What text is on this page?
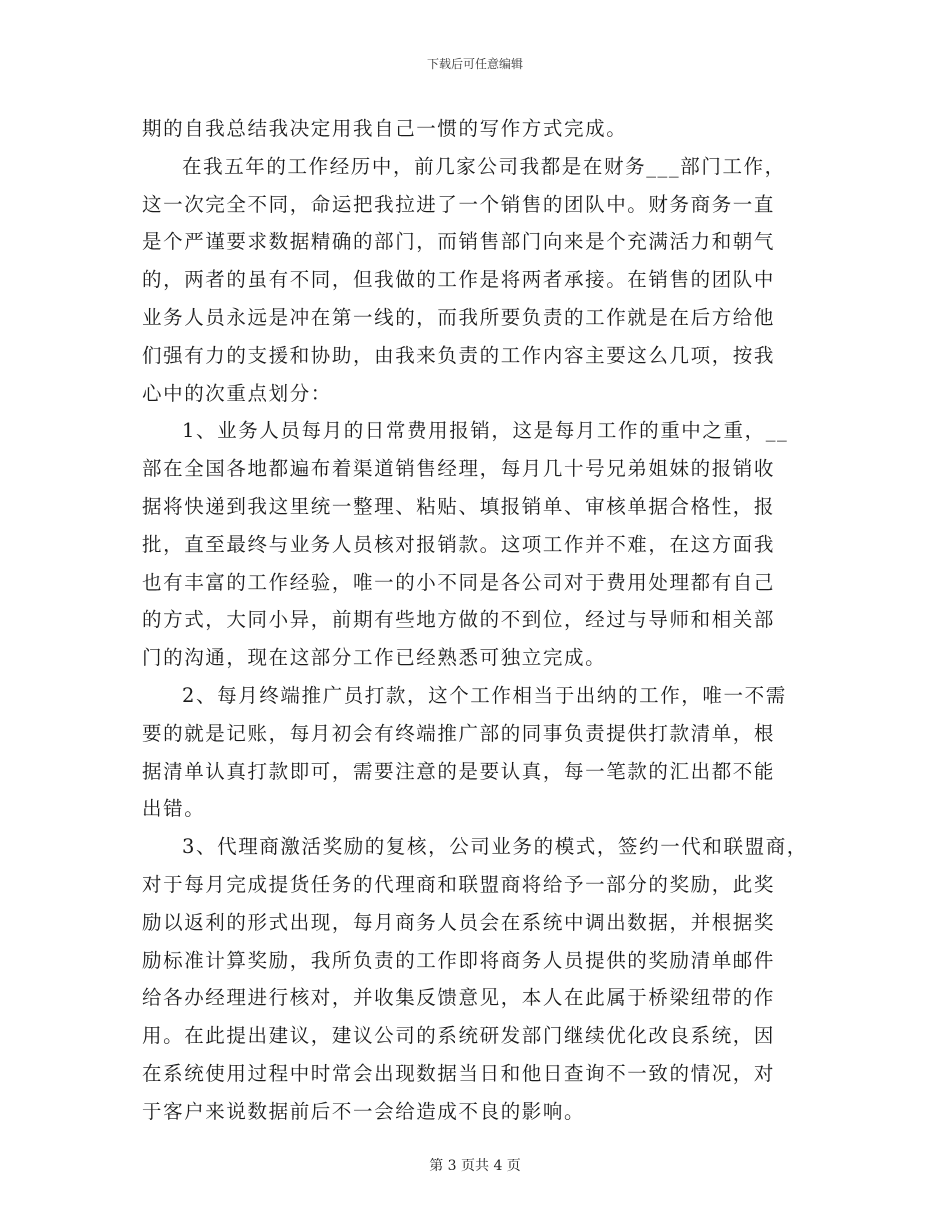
下载后可任意编辑
期的自我总结我决定用我自己一惯的写作方式完成。
在我五年的工作经历中，前几家公司我都是在财务___部门工作，
这一次完全不同，命运把我拉进了一个销售的团队中。财务商务一直
是个严谨要求数据精确的部门，而销售部门向来是个充满活力和朝气
的，两者的虽有不同，但我做的工作是将两者承接。在销售的团队中
业务人员永远是冲在第一线的，而我所要负责的工作就是在后方给他
们强有力的支援和协助，由我来负责的工作内容主要这么几项，按我
心中的次重点划分：
1、业务人员每月的日常费用报销，这是每月工作的重中之重，__
部在全国各地都遍布着渠道销售经理，每月几十号兄弟姐妹的报销收
据将快递到我这里统一整理、粘贴、填报销单、审核单据合格性，报
批，直至最终与业务人员核对报销款。这项工作并不难，在这方面我
也有丰富的工作经验，唯一的小不同是各公司对于费用处理都有自己
的方式，大同小异，前期有些地方做的不到位，经过与导师和相关部
门的沟通，现在这部分工作已经熟悉可独立完成。
2、每月终端推广员打款，这个工作相当于出纳的工作，唯一不需
要的就是记账，每月初会有终端推广部的同事负责提供打款清单，根
据清单认真打款即可，需要注意的是要认真，每一笔款的汇出都不能
出错。
3、代理商激活奖励的复核，公司业务的模式，签约一代和联盟商，
对于每月完成提货任务的代理商和联盟商将给予一部分的奖励，此奖
励以返利的形式出现，每月商务人员会在系统中调出数据，并根据奖
励标准计算奖励，我所负责的工作即将商务人员提供的奖励清单邮件
给各办经理进行核对，并收集反馈意见，本人在此属于桥梁纽带的作
用。在此提出建议，建议公司的系统研发部门继续优化改良系统，因
在系统使用过程中时常会出现数据当日和他日查询不一致的情况，对
于客户来说数据前后不一会给造成不良的影响。
第 3 页共 4 页
